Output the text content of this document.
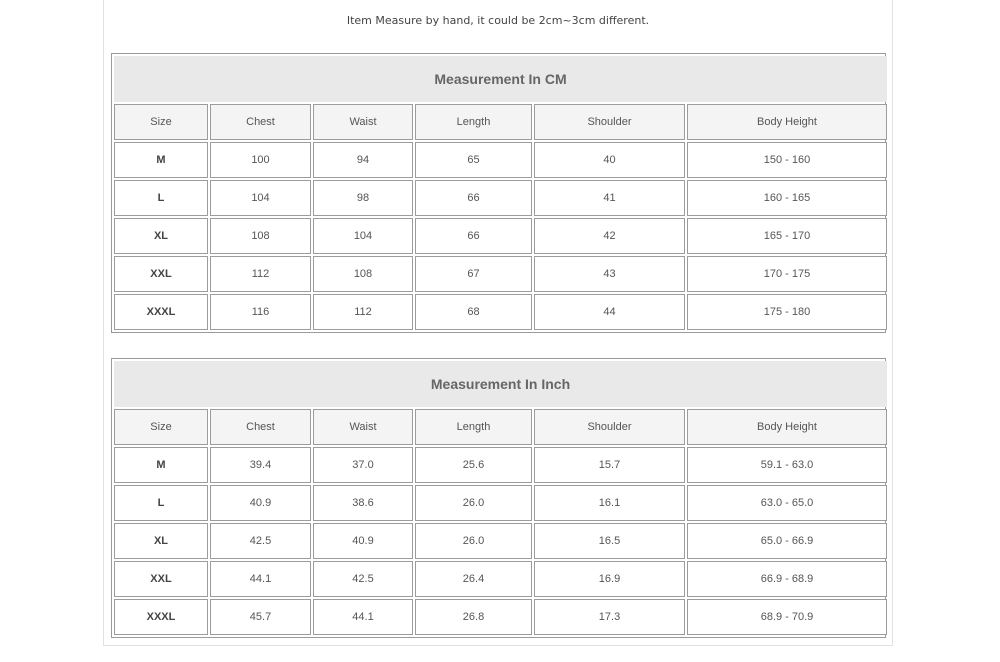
Item Measure by hand, it could be 2cm~3cm different.
Measurement In CM					
Size	Chest	Waist	Length	Shoulder	Body Height
M	100	94	65	40	150 - 160
L	104	98	66	41	160 - 165
XL	108	104	66	42	165 - 170
XXL	112	108	67	43	170 - 175
XXXL	116	112	68	44	175 - 180
Measurement In Inch					
Size	Chest	Waist	Length	Shoulder	Body Height
M	39.4	37.0	25.6	15.7	59.1 - 63.0
L	40.9	38.6	26.0	16.1	63.0 - 65.0
XL	42.5	40.9	26.0	16.5	65.0 - 66.9
XXL	44.1	42.5	26.4	16.9	66.9 - 68.9
XXXL	45.7	44.1	26.8	17.3	68.9 - 70.9
